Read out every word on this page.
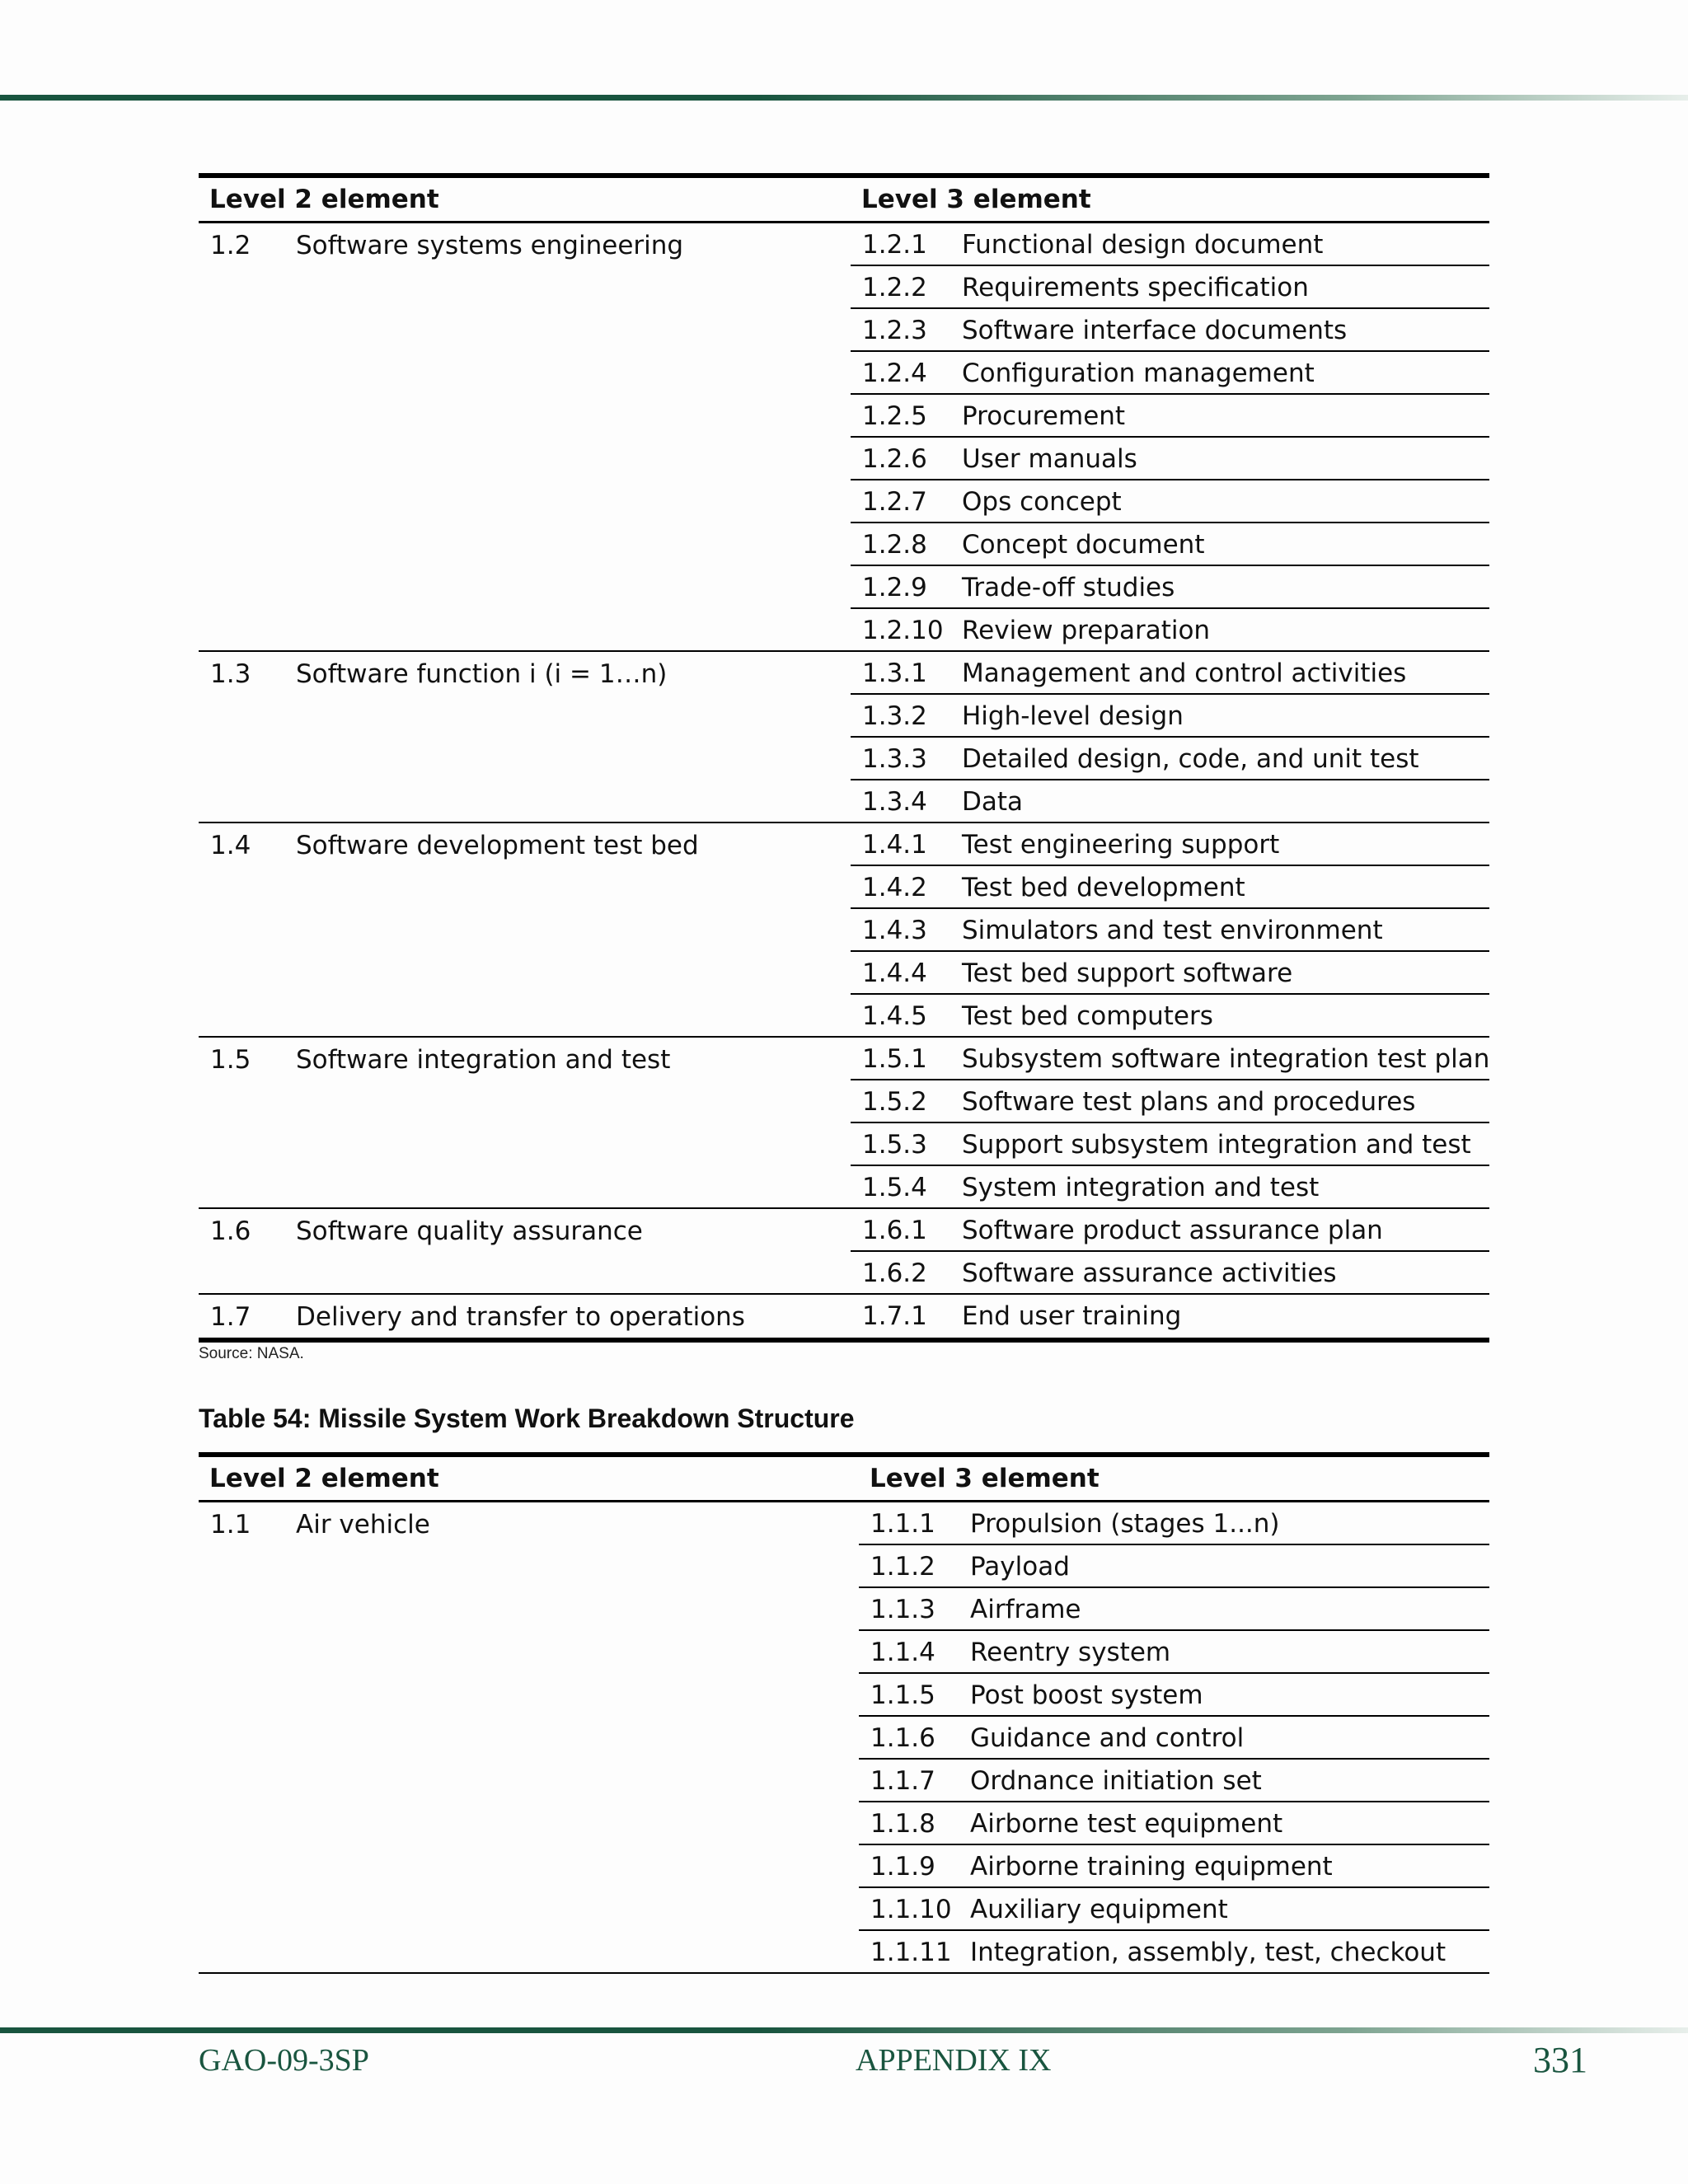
Level 2 element	Level 3 element
1.2 Software systems engineering	1.2.1 Functional design document
1.2.2 Requirements specification
1.2.3 Software interface documents
1.2.4 Configuration management
1.2.5 Procurement
1.2.6 User manuals
1.2.7 Ops concept
1.2.8 Concept document
1.2.9 Trade-off studies
1.2.10 Review preparation
1.3 Software function i (i = 1…n)	1.3.1 Management and control activities
1.3.2 High-level design
1.3.3 Detailed design, code, and unit test
1.3.4 Data
1.4 Software development test bed	1.4.1 Test engineering support
1.4.2 Test bed development
1.4.3 Simulators and test environment
1.4.4 Test bed support software
1.4.5 Test bed computers
1.5 Software integration and test	1.5.1 Subsystem software integration test plan
1.5.2 Software test plans and procedures
1.5.3 Support subsystem integration and test
1.5.4 System integration and test
1.6 Software quality assurance	1.6.1 Software product assurance plan
1.6.2 Software assurance activities
1.7 Delivery and transfer to operations	1.7.1 End user training
Source: NASA.
Table 54: Missile System Work Breakdown Structure
Level 2 element	Level 3 element
1.1 Air vehicle	1.1.1 Propulsion (stages 1...n)
1.1.2 Payload
1.1.3 Airframe
1.1.4 Reentry system
1.1.5 Post boost system
1.1.6 Guidance and control
1.1.7 Ordnance initiation set
1.1.8 Airborne test equipment
1.1.9 Airborne training equipment
1.1.10 Auxiliary equipment
1.1.11 Integration, assembly, test, checkout
GAO-09-3SP	APPENDIX IX	331
